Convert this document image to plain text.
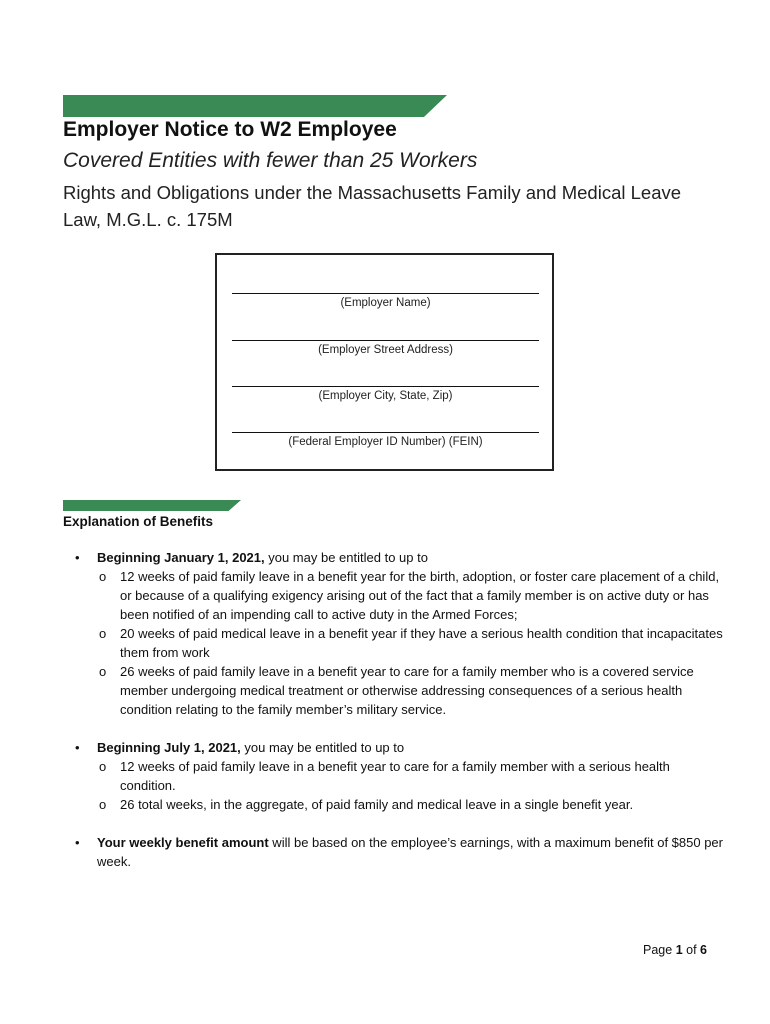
Employer Notice to W2 Employee
Covered Entities with fewer than 25 Workers
Rights and Obligations under the Massachusetts Family and Medical Leave Law, M.G.L. c. 175M
(Employer Name)
(Employer Street Address)
(Employer City, State, Zip)
(Federal Employer ID Number) (FEIN)
Explanation of Benefits
• Beginning January 1, 2021, you may be entitled to up to
o 12 weeks of paid family leave in a benefit year for the birth, adoption, or foster care placement of a child, or because of a qualifying exigency arising out of the fact that a family member is on active duty or has been notified of an impending call to active duty in the Armed Forces;
o 20 weeks of paid medical leave in a benefit year if they have a serious health condition that incapacitates them from work
o 26 weeks of paid family leave in a benefit year to care for a family member who is a covered service member undergoing medical treatment or otherwise addressing consequences of a serious health condition relating to the family member’s military service.
• Beginning July 1, 2021, you may be entitled to up to
o 12 weeks of paid family leave in a benefit year to care for a family member with a serious health condition.
o 26 total weeks, in the aggregate, of paid family and medical leave in a single benefit year.
• Your weekly benefit amount will be based on the employee’s earnings, with a maximum benefit of $850 per week.
Page 1 of 6
